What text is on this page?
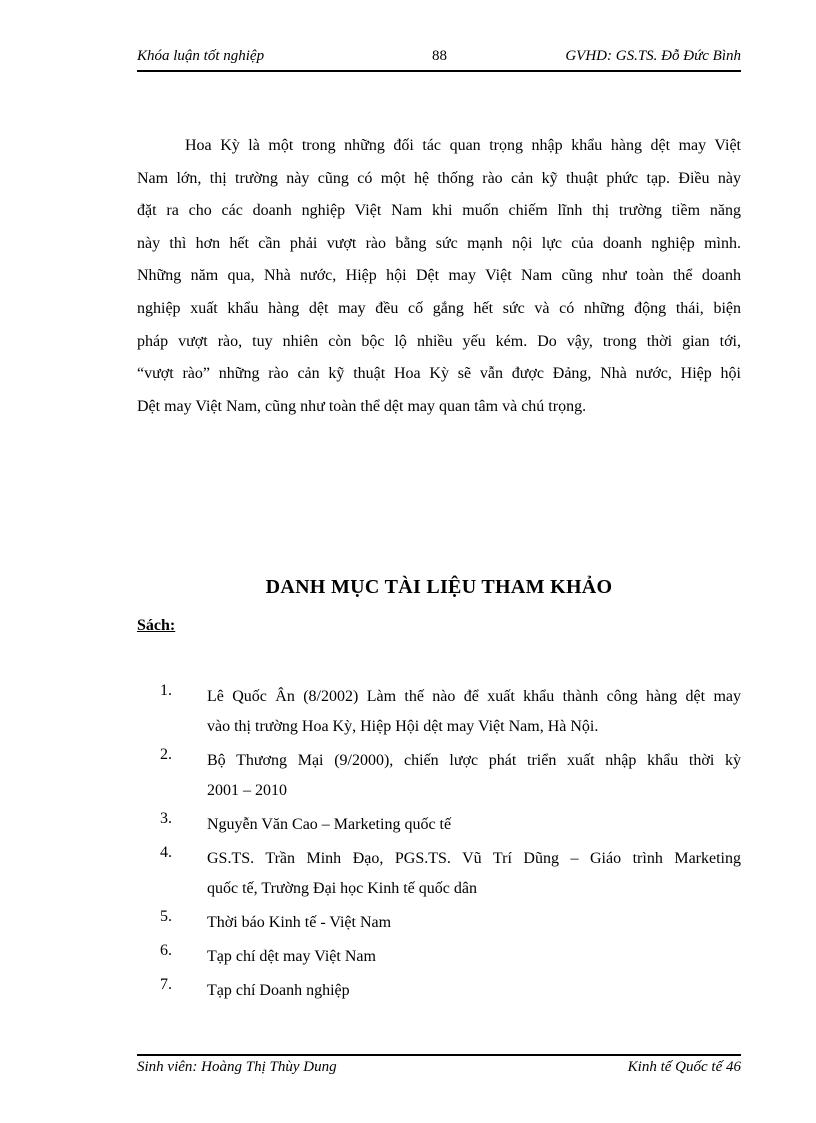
Khóa luận tốt nghiệp	88	GVHD: GS.TS. Đỗ Đức Bình
Hoa Kỳ là một trong những đối tác quan trọng nhập khẩu hàng dệt may Việt
Nam lớn, thị trường này cũng có một hệ thống rào cản kỹ thuật phức tạp. Điều này
đặt ra cho các doanh nghiệp Việt Nam khi muốn chiếm lĩnh thị trường tiềm năng
này thì hơn hết cần phải vượt rào bằng sức mạnh nội lực của doanh nghiệp mình.
Những năm qua, Nhà nước, Hiệp hội Dệt may Việt Nam cũng như toàn thể doanh
nghiệp xuất khẩu hàng dệt may đều cố gắng hết sức và có những động thái, biện
pháp vượt rào, tuy nhiên còn bộc lộ nhiều yếu kém. Do vậy, trong thời gian tới,
“vượt rào” những rào cản kỹ thuật Hoa Kỳ sẽ vẫn được Đảng, Nhà nước, Hiệp hội
Dệt may Việt Nam, cũng như toàn thể dệt may quan tâm và chú trọng.
DANH MỤC TÀI LIỆU THAM KHẢO
Sách:
1. Lê Quốc Ân (8/2002) Làm thế nào để xuất khẩu thành công hàng dệt may
vào thị trường Hoa Kỳ, Hiệp Hội dệt may Việt Nam, Hà Nội.
2. Bộ Thương Mại (9/2000), chiến lược phát triển xuất nhập khẩu thời kỳ
2001 – 2010
3. Nguyễn Văn Cao – Marketing quốc tế
4. GS.TS. Trần Minh Đạo, PGS.TS. Vũ Trí Dũng – Giáo trình Marketing
quốc tế, Trường Đại học Kinh tế quốc dân
5. Thời báo Kinh tế - Việt Nam
6. Tạp chí dệt may Việt Nam
7. Tạp chí Doanh nghiệp
Sinh viên: Hoàng Thị Thùy Dung	Kinh tế Quốc tế 46
